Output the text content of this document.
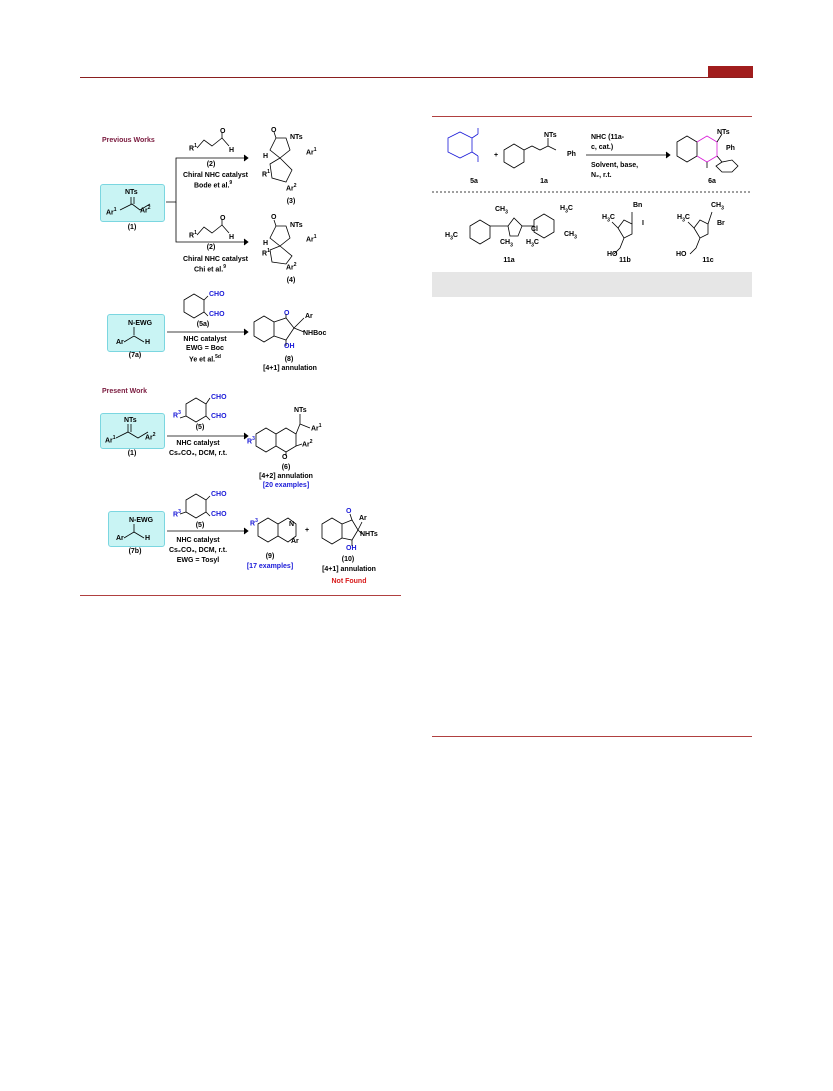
Previous Works
NTs
Ar$^1$	Ar$^2$
(1)
$R^1$
H
O
(2)
Chiral NHC catalyst
Bode et al.$^9$
NTs
O
H
Ar$^1$
$R^1$
Ar$^2$
(3)
$R^1$
H
O
(2)
Chiral NHC catalyst
Chi et al.$^9$
NTs
O
H
Ar$^1$
$R^1$
Ar$^2$
(4)
N-EWG
Ar	H
(7a)
CHO
CHO
(5a)
NHC catalyst
EWG = Boc
Ye et al.$^{5d}$
O Ar
NHBoc
OH
(8)
[4+1] annulation
Present Work
NTs
Ar$^1$	Ar$^2$
(1)
CHO
CHO
$R^3$
(5)
NHC catalyst
Cs₂CO₃, DCM, r.t.
NTs
Ar$^1$
Ar$^2$
$R^3$
O
(6)
[4+2] annulation
[20 examples]
N-EWG
Ar	H
(7b)
CHO
CHO
$R^3$
(5)
NHC catalyst
Cs₂CO₃, DCM, r.t.
EWG = Tosyl
$R^3$	N
Ar
(9)
[17 examples]
+
O
Ar
NHTs
OH
(10)
[4+1] annulation
Not Found
5a
+
1a
NTs
Ph
NHC (11a-
c, cat.)
Solvent, base,
N₂, r.t.
NTs
Ph
6a
$CH_3$
$H_3C$
$H_3C$
$CH_3$
Cl
$H_3C$
$CH_3$
11a
Bn
$H_3C$
I
HO
11b
$CH_3$
$H_3C$
Br
HO
11c
